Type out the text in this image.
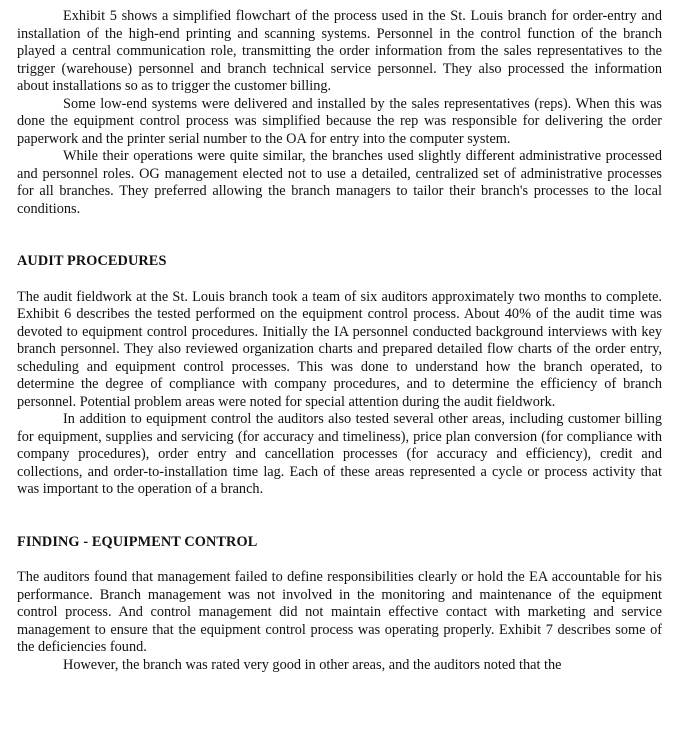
Exhibit 5 shows a simplified flowchart of the process used in the St. Louis branch for order-entry and installation of the high-end printing and scanning systems. Personnel in the control function of the branch played a central communication role, transmitting the order information from the sales representatives to the trigger (warehouse) personnel and branch technical service personnel. They also processed the information about installations so as to trigger the customer billing.

Some low-end systems were delivered and installed by the sales representatives (reps). When this was done the equipment control process was simplified because the rep was responsible for delivering the order paperwork and the printer serial number to the OA for entry into the computer system.

While their operations were quite similar, the branches used slightly different administrative processed and personnel roles. OG management elected not to use a detailed, centralized set of administrative processes for all branches. They preferred allowing the branch managers to tailor their branch's processes to the local conditions.

AUDIT PROCEDURES

The audit fieldwork at the St. Louis branch took a team of six auditors approximately two months to complete. Exhibit 6 describes the tested performed on the equipment control process. About 40% of the audit time was devoted to equipment control procedures. Initially the IA personnel conducted background interviews with key branch personnel. They also reviewed organization charts and prepared detailed flow charts of the order entry, scheduling and equipment control processes. This was done to understand how the branch operated, to determine the degree of compliance with company procedures, and to determine the efficiency of branch personnel. Potential problem areas were noted for special attention during the audit fieldwork.

In addition to equipment control the auditors also tested several other areas, including customer billing for equipment, supplies and servicing (for accuracy and timeliness), price plan conversion (for compliance with company procedures), order entry and cancellation processes (for accuracy and efficiency), credit and collections, and order-to-installation time lag. Each of these areas represented a cycle or process activity that was important to the operation of a branch.

FINDING - EQUIPMENT CONTROL

The auditors found that management failed to define responsibilities clearly or hold the EA accountable for his performance. Branch management was not involved in the monitoring and maintenance of the equipment control process. And control management did not maintain effective contact with marketing and service management to ensure that the equipment control process was operating properly. Exhibit 7 describes some of the deficiencies found.

However, the branch was rated very good in other areas, and the auditors noted that the
